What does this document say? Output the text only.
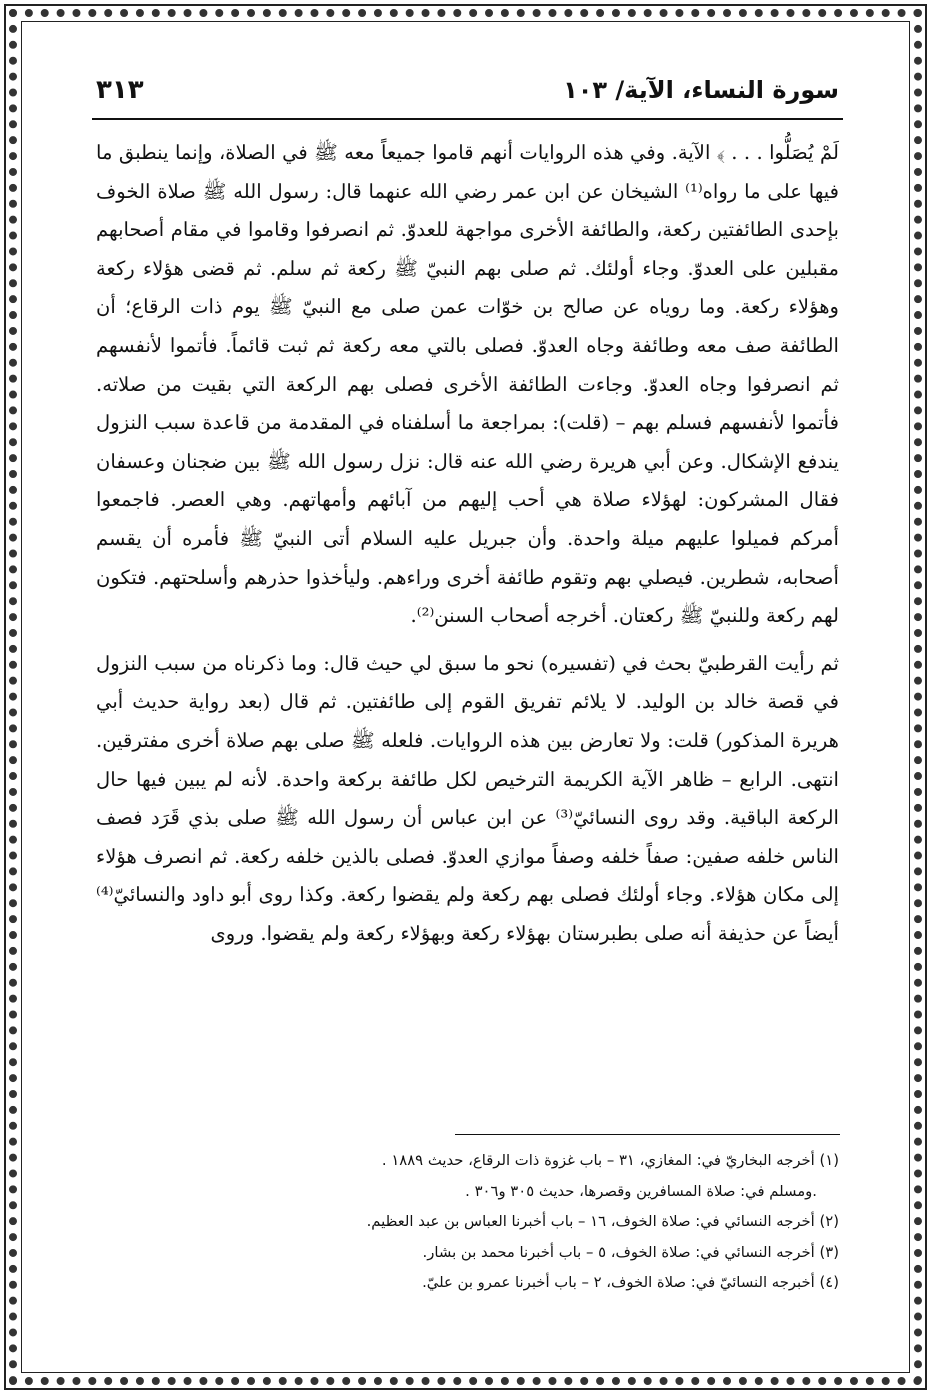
سورة النساء، الآية/ ١٠٣
٣١٣

لَمْ يُصَلُّوا . . . ﴾ الآية. وفي هذه الروايات أنهم قاموا جميعاً معه ﷺ في الصلاة، وإنما ينطبق ما فيها على ما رواه⁽¹⁾ الشيخان عن ابن عمر رضي الله عنهما قال: رسول الله ﷺ صلاة الخوف بإحدى الطائفتين ركعة، والطائفة الأخرى مواجهة للعدوّ. ثم انصرفوا وقاموا في مقام أصحابهم مقبلين على العدوّ. وجاء أولئك. ثم صلى بهم النبيّ ﷺ ركعة ثم سلم. ثم قضى هؤلاء ركعة وهؤلاء ركعة. وما روياه عن صالح بن خوّات عمن صلى مع النبيّ ﷺ يوم ذات الرقاع؛ أن الطائفة صف معه وطائفة وجاه العدوّ. فصلى بالتي معه ركعة ثم ثبت قائماً. فأتموا لأنفسهم ثم انصرفوا وجاه العدوّ. وجاءت الطائفة الأخرى فصلى بهم الركعة التي بقيت من صلاته. فأتموا لأنفسهم فسلم بهم – (قلت): بمراجعة ما أسلفناه في المقدمة من قاعدة سبب النزول يندفع الإشكال. وعن أبي هريرة رضي الله عنه قال: نزل رسول الله ﷺ بين ضجنان وعسفان فقال المشركون: لهؤلاء صلاة هي أحب إليهم من آبائهم وأمهاتهم. وهي العصر. فاجمعوا أمركم فميلوا عليهم ميلة واحدة. وأن جبريل عليه السلام أتى النبيّ ﷺ فأمره أن يقسم أصحابه، شطرين. فيصلي بهم وتقوم طائفة أخرى وراءهم. وليأخذوا حذرهم وأسلحتهم. فتكون لهم ركعة وللنبيّ ﷺ ركعتان. أخرجه أصحاب السنن⁽²⁾.

ثم رأيت القرطبيّ بحث في (تفسيره) نحو ما سبق لي حيث قال: وما ذكرناه من سبب النزول في قصة خالد بن الوليد. لا يلائم تفريق القوم إلى طائفتين. ثم قال (بعد رواية حديث أبي هريرة المذكور) قلت: ولا تعارض بين هذه الروايات. فلعله ﷺ صلى بهم صلاة أخرى مفترقين. انتهى. الرابع – ظاهر الآية الكريمة الترخيص لكل طائفة بركعة واحدة. لأنه لم يبين فيها حال الركعة الباقية. وقد روى النسائيّ⁽³⁾ عن ابن عباس أن رسول الله ﷺ صلى بذي قَرَد فصف الناس خلفه صفين: صفاً خلفه وصفاً موازي العدوّ. فصلى بالذين خلفه ركعة. ثم انصرف هؤلاء إلى مكان هؤلاء. وجاء أولئك فصلى بهم ركعة ولم يقضوا ركعة. وكذا روى أبو داود والنسائيّ⁽⁴⁾ أيضاً عن حذيفة أنه صلى بطبرستان بهؤلاء ركعة وبهؤلاء ركعة ولم يقضوا. وروى

(١) أخرجه البخاريّ في: المغازي، ٣١ – باب غزوة ذات الرقاع، حديث ١٨٨٩ .
.ومسلم في: صلاة المسافرين وقصرها، حديث ٣٠٥ و٣٠٦ .
(٢) أخرجه النسائي في: صلاة الخوف، ١٦ – باب أخبرنا العباس بن عبد العظيم.
(٣) أخرجه النسائي في: صلاة الخوف، ٥ – باب أخبرنا محمد بن بشار.
(٤) أخبرجه النسائيّ في: صلاة الخوف، ٢ – باب أخبرنا عمرو بن عليّ.
